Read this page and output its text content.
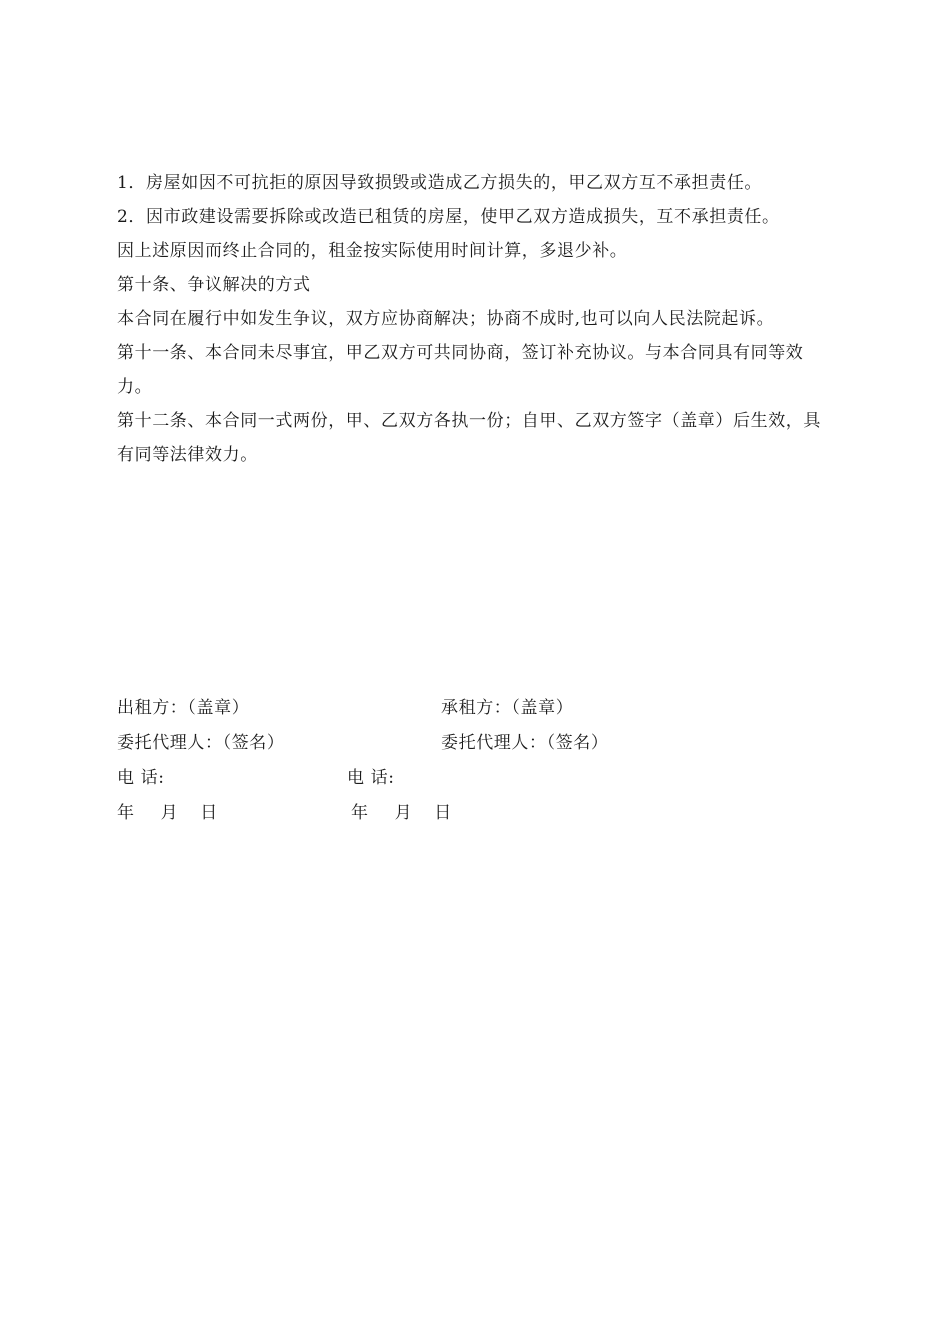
1．房屋如因不可抗拒的原因导致损毁或造成乙方损失的，甲乙双方互不承担责任。

2．因市政建设需要拆除或改造已租赁的房屋，使甲乙双方造成损失，互不承担责任。

因上述原因而终止合同的，租金按实际使用时间计算，多退少补。

第十条、争议解决的方式

本合同在履行中如发生争议，双方应协商解决；协商不成时,也可以向人民法院起诉。

第十一条、本合同未尽事宜，甲乙双方可共同协商，签订补充协议。与本合同具有同等效力。

第十二条、本合同一式两份，甲、乙双方各执一份；自甲、乙双方签字（盖章）后生效，具有同等法律效力。

出租方：（盖章）
委托代理人：（签名）
电 话:
年 月 日
承租方：（盖章）
委托代理人：（签名）
电 话:
年 月 日
